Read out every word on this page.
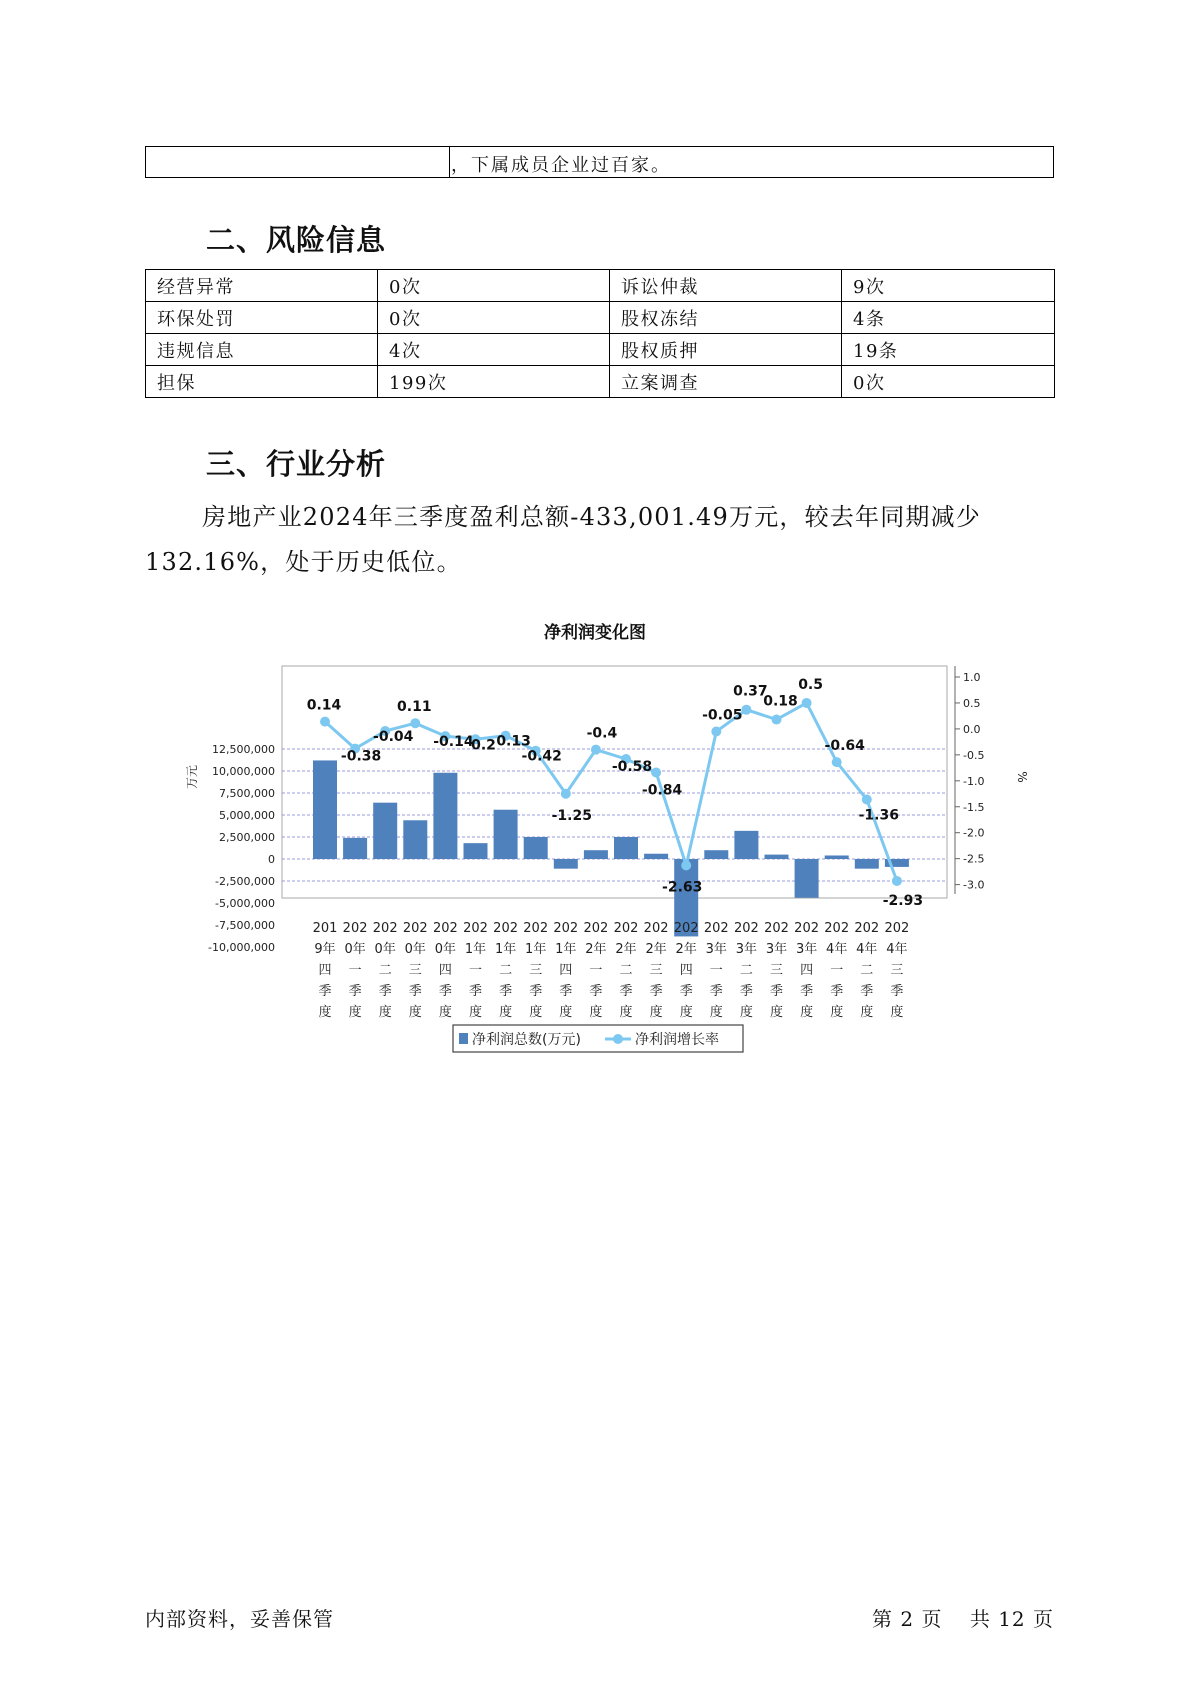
，下属成员企业过百家。
二、风险信息
经营异常	0次	诉讼仲裁	9次
环保处罚	0次	股权冻结	4条
违规信息	4次	股权质押	19条
担保	199次	立案调查	0次
三、行业分析
房地产业2024年三季度盈利总额-433,001.49万元，较去年同期减少132.16%，处于历史低位。
12,500,000
10,000,000
7,500,000
5,000,000
2,500,000
0
-2,500,000
-5,000,000
-7,500,000
-10,000,000
1.0
0.5
0.0
-0.5
-1.0
-1.5
-2.0
-2.5
-3.0
万元	%
净利润变化图
0.14
-0.38
-0.04
0.11
-0.14
0.2 0.13
-0.42
-1.25
-0.4
-0.58
-0.84
-2.63
-0.05
0.37
0.18
0.5
-0.64
-1.36
-2.93
201
9年
四
季
度
202
0年
一
季
度
202
0年
二
季
度
202
0年
三
季
度
202
0年
四
季
度
202
1年
一
季
度
202
1年
二
季
度
202
1年
三
季
度
202
1年
四
季
度
202
2年
一
季
度
202
2年
二
季
度
202
2年
三
季
度
202
2年
四
季
度
202
3年
一
季
度
202
3年
二
季
度
202
3年
三
季
度
202
3年
四
季
度
202
4年
一
季
度
202
4年
二
季
度
202
4年
三
季
度
净利润总数(万元)	净利润增长率
内部资料，妥善保管	第 2 页 共 12 页
